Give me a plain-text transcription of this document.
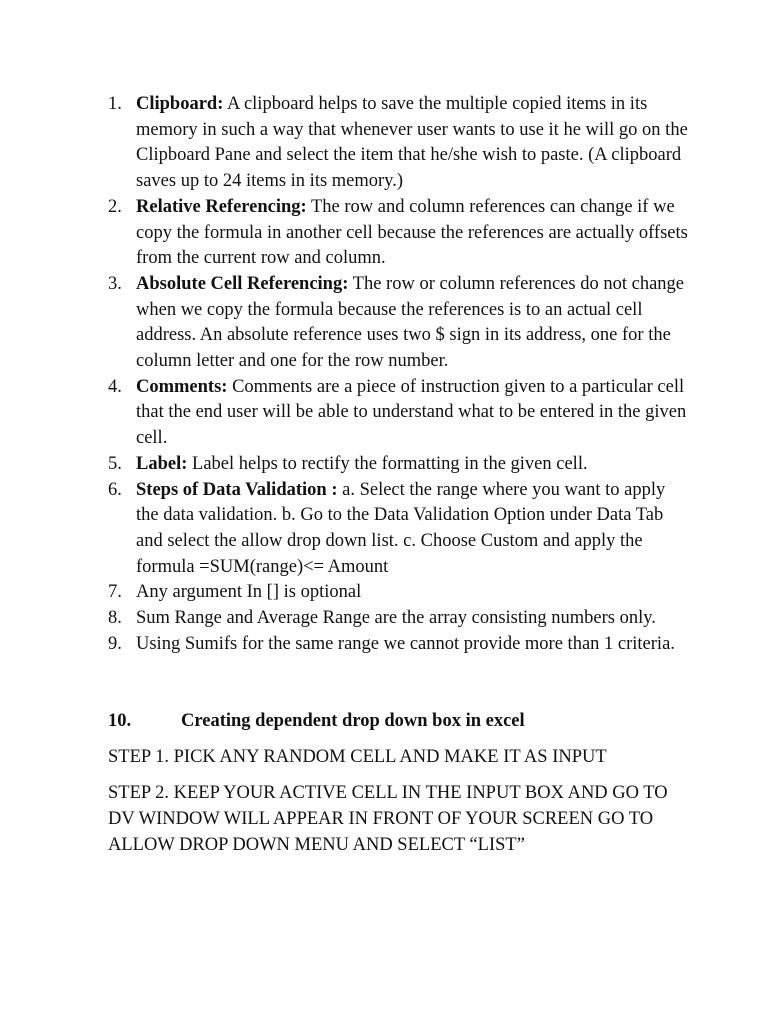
1. Clipboard: A clipboard helps to save the multiple copied items in its memory in such a way that whenever user wants to use it he will go on the Clipboard Pane and select the item that he/she wish to paste. (A clipboard saves up to 24 items in its memory.)
2. Relative Referencing: The row and column references can change if we copy the formula in another cell because the references are actually offsets from the current row and column.
3. Absolute Cell Referencing: The row or column references do not change when we copy the formula because the references is to an actual cell address. An absolute reference uses two $ sign in its address, one for the column letter and one for the row number.
4. Comments: Comments are a piece of instruction given to a particular cell that the end user will be able to understand what to be entered in the given cell.
5. Label: Label helps to rectify the formatting in the given cell.
6. Steps of Data Validation : a. Select the range where you want to apply the data validation. b. Go to the Data Validation Option under Data Tab and select the allow drop down list. c. Choose Custom and apply the formula =SUM(range)<= Amount
7. Any argument In [] is optional
8. Sum Range and Average Range are the array consisting numbers only.
9. Using Sumifs for the same range we cannot provide more than 1 criteria.
10.	Creating dependent drop down box in excel
STEP 1. PICK ANY RANDOM CELL AND MAKE IT AS INPUT
STEP 2. KEEP YOUR ACTIVE CELL IN THE INPUT BOX AND GO TO DV WINDOW WILL APPEAR IN FRONT OF YOUR SCREEN GO TO ALLOW DROP DOWN MENU AND SELECT “LIST”
